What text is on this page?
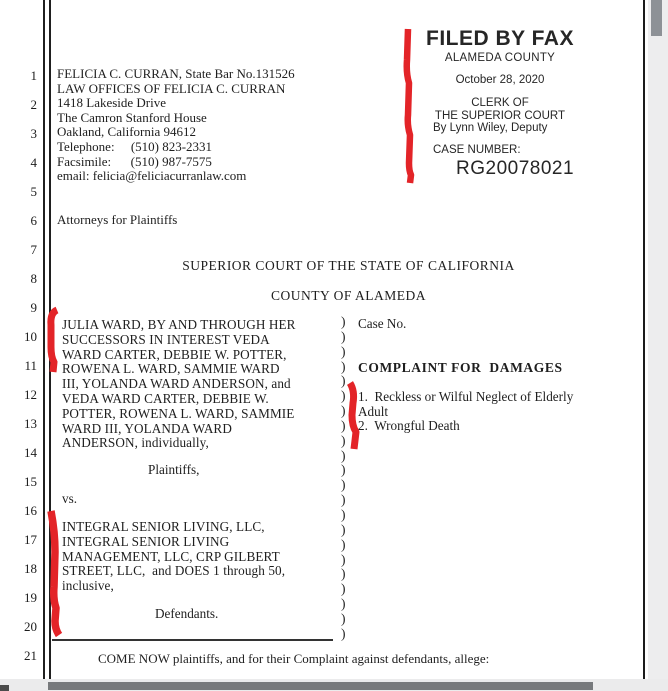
1
2
3
4
5
6
7
8
9
10
11
12
13
14
15
16
17
18
19
20
21
FELICIA C. CURRAN, State Bar No.131526
LAW OFFICES OF FELICIA C. CURRAN
1418 Lakeside Drive
The Camron Stanford House
Oakland, California 94612
Telephone:     (510) 823-2331
Facsimile:      (510) 987-7575
email: felicia@feliciacurranlaw.com
Attorneys for Plaintiffs
SUPERIOR COURT OF THE STATE OF CALIFORNIA
COUNTY OF ALAMEDA
JULIA WARD, BY AND THROUGH HER
SUCCESSORS IN INTEREST VEDA
WARD CARTER, DEBBIE W. POTTER,
ROWENA L. WARD, SAMMIE WARD
III, YOLANDA WARD ANDERSON, and
VEDA WARD CARTER, DEBBIE W.
POTTER, ROWENA L. WARD, SAMMIE
WARD III, YOLANDA WARD
ANDERSON, individually,
Plaintiffs,
vs.
INTEGRAL SENIOR LIVING, LLC,
INTEGRAL SENIOR LIVING
MANAGEMENT, LLC, CRP GILBERT
STREET, LLC,  and DOES 1 through 50,
inclusive,
Defendants.
)
)
)
)
)
)
)
)
)
)
)
)
)
)
)
)
)
)
)
)
)
)
Case No.
COMPLAINT FOR  DAMAGES
1.  Reckless or Wilful Neglect of Elderly
Adult
2.  Wrongful Death
COME NOW plaintiffs, and for their Complaint against defendants, allege:
FILED BY FAX
ALAMEDA COUNTY
October 28, 2020
CLERK OF
THE SUPERIOR COURT
By Lynn Wiley, Deputy
CASE NUMBER:
RG20078021
